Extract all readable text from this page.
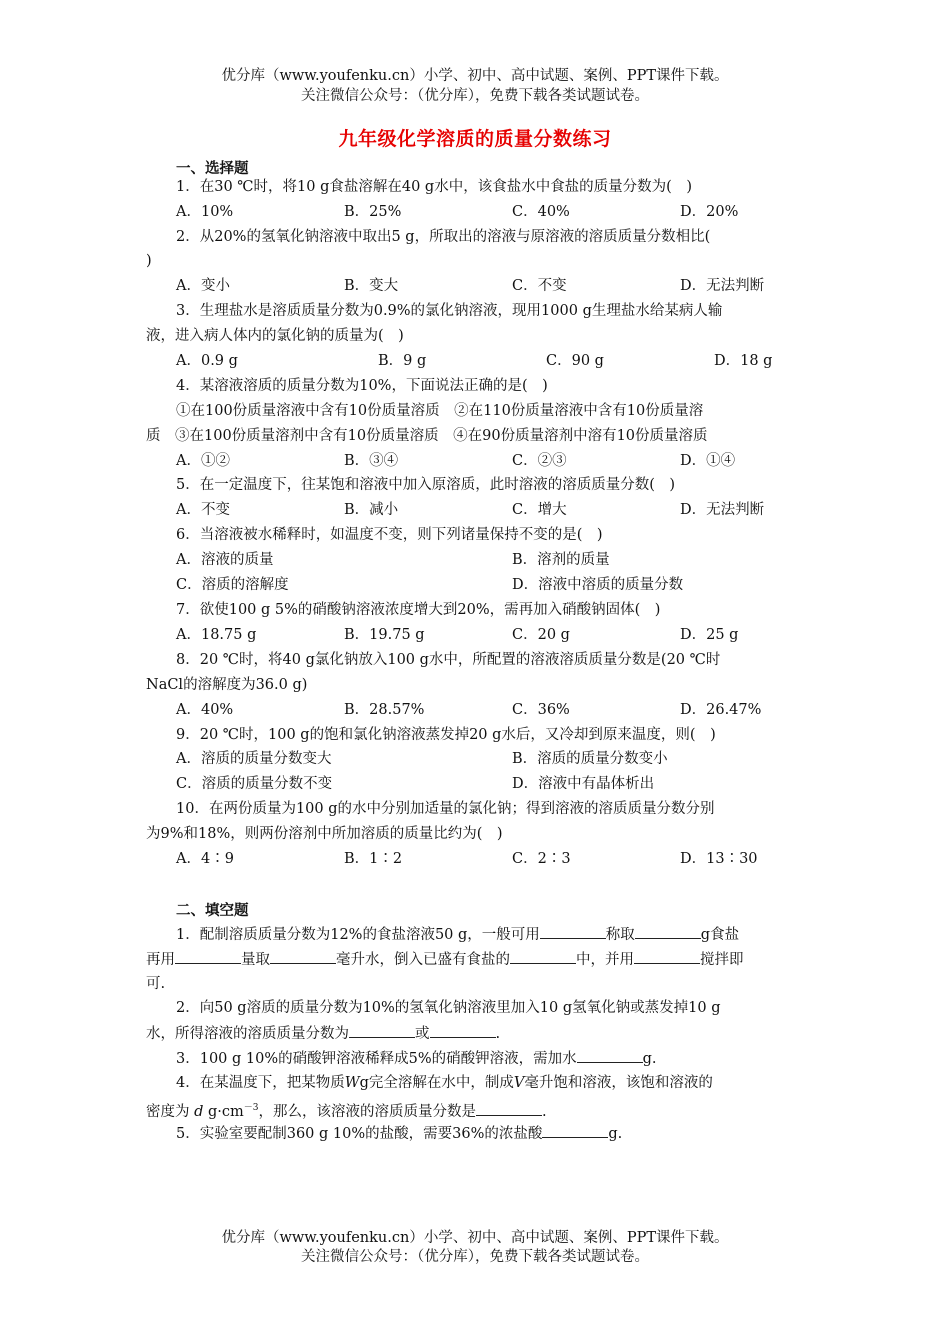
优分库（www.youfenku.cn）小学、初中、高中试题、案例、PPT课件下载。
关注微信公众号：（优分库），免费下载各类试题试卷。
九年级化学溶质的质量分数练习
一、选择题
1．在30 ℃时，将10 g食盐溶解在40 g水中，该食盐水中食盐的质量分数为(　)
A．10%	B．25%	C．40%	D．20%
2．从20%的氢氧化钠溶液中取出5 g，所取出的溶液与原溶液的溶质质量分数相比(
)
A．变小	B．变大	C．不变	D．无法判断
3．生理盐水是溶质质量分数为0.9%的氯化钠溶液，现用1000 g生理盐水给某病人输
液，进入病人体内的氯化钠的质量为(　)
A．0.9 g	B．9 g	C．90 g	D．18 g
4．某溶液溶质的质量分数为10%，下面说法正确的是(　)
①在100份质量溶液中含有10份质量溶质　②在110份质量溶液中含有10份质量溶
质　③在100份质量溶剂中含有10份质量溶质　④在90份质量溶剂中溶有10份质量溶质
A．①②	B．③④	C．②③	D．①④
5．在一定温度下，往某饱和溶液中加入原溶质，此时溶液的溶质质量分数(　)
A．不变	B．减小	C．增大	D．无法判断
6．当溶液被水稀释时，如温度不变，则下列诸量保持不变的是(　)
A．溶液的质量	B．溶剂的质量
C．溶质的溶解度	D．溶液中溶质的质量分数
7．欲使100 g 5%的硝酸钠溶液浓度增大到20%，需再加入硝酸钠固体(　)
A．18.75 g	B．19.75 g	C．20 g	D．25 g
8．20 ℃时，将40 g氯化钠放入100 g水中，所配置的溶液溶质质量分数是(20 ℃时
NaCl的溶解度为36.0 g)
A．40%	B．28.57%	C．36%	D．26.47%
9．20 ℃时，100 g的饱和氯化钠溶液蒸发掉20 g水后，又冷却到原来温度，则(　)
A．溶质的质量分数变大	B．溶质的质量分数变小
C．溶质的质量分数不变	D．溶液中有晶体析出
10．在两份质量为100 g的水中分别加适量的氯化钠；得到溶液的溶质质量分数分别
为9%和18%，则两份溶剂中所加溶质的质量比约为(　)
A．4∶9	B．1∶2	C．2∶3	D．13∶30
二、填空题
1．配制溶质质量分数为12%的食盐溶液50 g，一般可用	称取	g食盐
再用	量取	毫升水，倒入已盛有食盐的	中，并用	搅拌即
可.
2．向50 g溶质的质量分数为10%的氢氧化钠溶液里加入10 g氢氧化钠或蒸发掉10 g
水，所得溶液的溶质质量分数为	或	.
3．100 g 10%的硝酸钾溶液稀释成5%的硝酸钾溶液，需加水	g.
4．在某温度下，把某物质Wg完全溶解在水中，制成V毫升饱和溶液，该饱和溶液的
密度为 d $g\cdot cm^{-3}$，那么，该溶液的溶质质量分数是	.
5．实验室要配制360 g 10%的盐酸，需要36%的浓盐酸	g.
优分库（www.youfenku.cn）小学、初中、高中试题、案例、PPT课件下载。
关注微信公众号：（优分库），免费下载各类试题试卷。
